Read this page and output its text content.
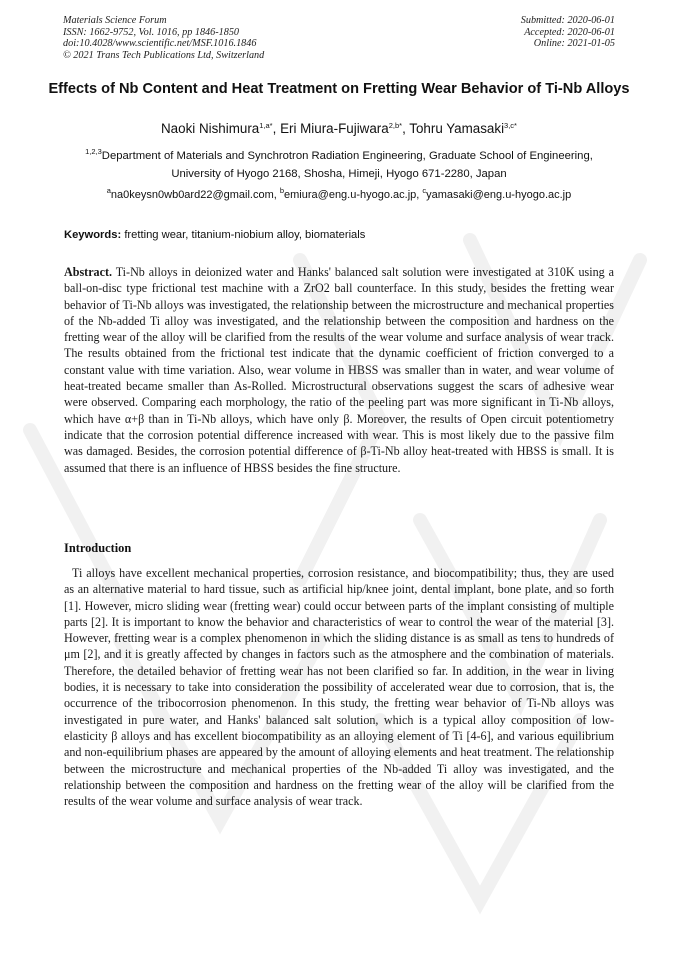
Materials Science Forum
ISSN: 1662-9752, Vol. 1016, pp 1846-1850
doi:10.4028/www.scientific.net/MSF.1016.1846
© 2021 Trans Tech Publications Ltd, Switzerland
Submitted: 2020-06-01
Accepted: 2020-06-01
Online: 2021-01-05
Effects of Nb Content and Heat Treatment on Fretting Wear Behavior of Ti-Nb Alloys
Naoki Nishimura$^{1,a*}$, Eri Miura-Fujiwara$^{2,b*}$, Tohru Yamasaki$^{3,c*}$
$^{1,2,3}$Department of Materials and Synchrotron Radiation Engineering, Graduate School of Engineering, University of Hyogo 2168, Shosha, Himeji, Hyogo 671-2280, Japan
$^a$na0keysn0wb0ard22@gmail.com, $^b$emiura@eng.u-hyogo.ac.jp, $^c$yamasaki@eng.u-hyogo.ac.jp
Keywords: fretting wear, titanium-niobium alloy, biomaterials

Abstract. Ti-Nb alloys in deionized water and Hanks' balanced salt solution were investigated at 310K using a ball-on-disc type frictional test machine with a ZrO2 ball counterface. In this study, besides the fretting wear behavior of Ti-Nb alloys was investigated, the relationship between the microstructure and mechanical properties of the Nb-added Ti alloy was investigated, and the relationship between the composition and hardness on the fretting wear of the alloy will be clarified from the results of the wear volume and surface analysis of wear track. The results obtained from the frictional test indicate that the dynamic coefficient of friction converged to a constant value with time variation. Also, wear volume in HBSS was smaller than in water, and wear volume of heat-treated became smaller than As-Rolled. Microstructural observations suggest the scars of adhesive wear were observed. Comparing each morphology, the ratio of the peeling part was more significant in Ti-Nb alloys, which have α+β than in Ti-Nb alloys, which have only β. Moreover, the results of Open circuit potentiometry indicate that the corrosion potential difference increased with wear. This is most likely due to the passive film was damaged. Besides, the corrosion potential difference of β-Ti-Nb alloy heat-treated with HBSS is small. It is assumed that there is an influence of HBSS besides the fine structure.

Introduction

Ti alloys have excellent mechanical properties, corrosion resistance, and biocompatibility; thus, they are used as an alternative material to hard tissue, such as artificial hip/knee joint, dental implant, bone plate, and so forth [1]. However, micro sliding wear (fretting wear) could occur between parts of the implant consisting of multiple parts [2]. It is important to know the behavior and characteristics of wear to control the wear of the material [3]. However, fretting wear is a complex phenomenon in which the sliding distance is as small as tens to hundreds of μm [2], and it is greatly affected by changes in factors such as the atmosphere and the combination of materials. Therefore, the detailed behavior of fretting wear has not been clarified so far. In addition, in the wear in living bodies, it is necessary to take into consideration the possibility of accelerated wear due to corrosion, that is, the occurrence of the tribocorrosion phenomenon. In this study, the fretting wear behavior of Ti-Nb alloys was investigated in pure water, and Hanks' balanced salt solution, which is a typical alloy composition of low-elasticity β alloys and has excellent biocompatibility as an alloying element of Ti [4-6], and various equilibrium and non-equilibrium phases are appeared by the amount of alloying elements and heat treatment. The relationship between the microstructure and mechanical properties of the Nb-added Ti alloy was investigated, and the relationship between the composition and hardness on the fretting wear of the alloy will be clarified from the results of the wear volume and surface analysis of wear track.
